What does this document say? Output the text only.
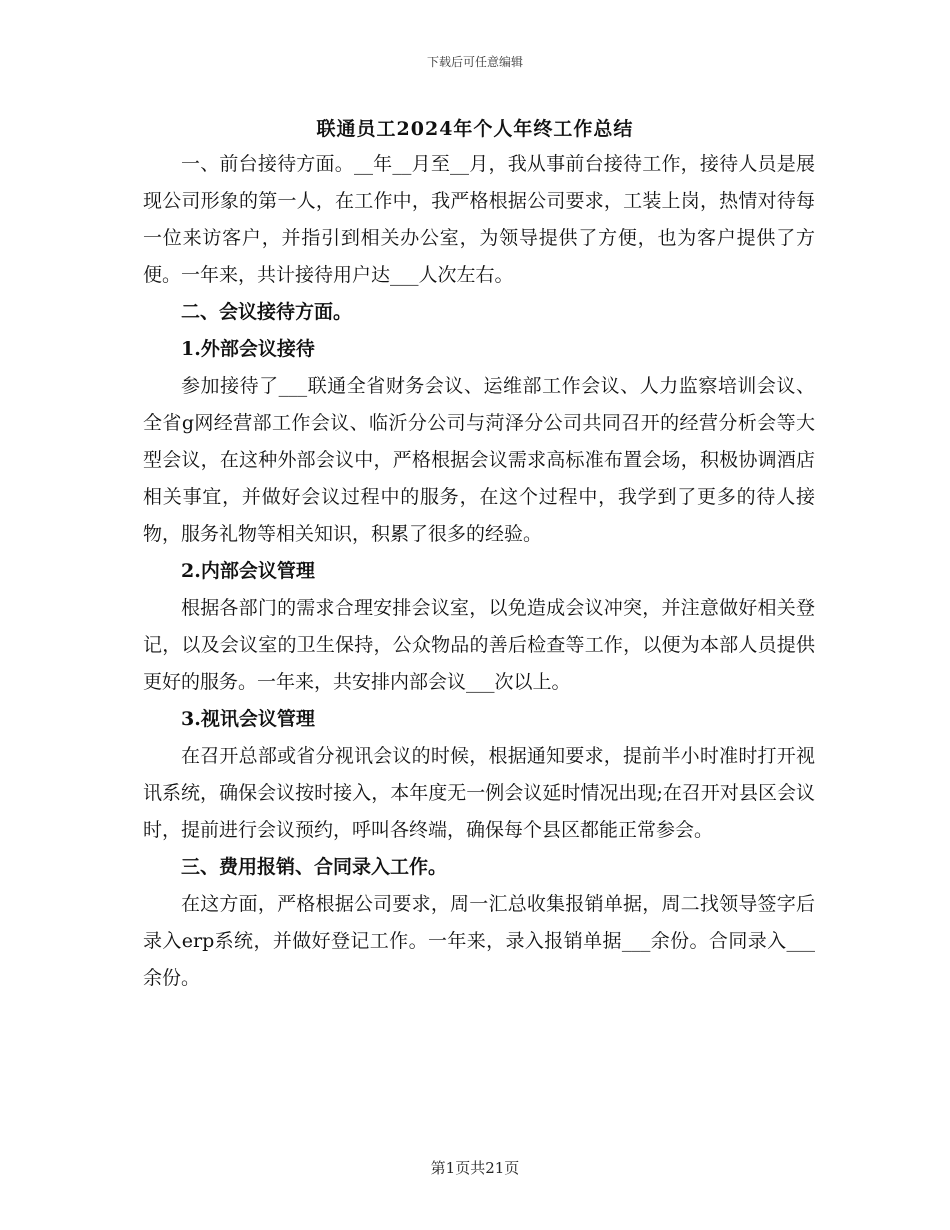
下载后可任意编辑
联通员工2024年个人年终工作总结

一、前台接待方面。__年__月至__月，我从事前台接待工作，接待人员是展现公司形象的第一人，在工作中，我严格根据公司要求，工装上岗，热情对待每一位来访客户，并指引到相关办公室，为领导提供了方便，也为客户提供了方便。一年来，共计接待用户达___人次左右。

二、会议接待方面。

1.外部会议接待

参加接待了___联通全省财务会议、运维部工作会议、人力监察培训会议、全省g网经营部工作会议、临沂分公司与菏泽分公司共同召开的经营分析会等大型会议，在这种外部会议中，严格根据会议需求高标准布置会场，积极协调酒店相关事宜，并做好会议过程中的服务，在这个过程中，我学到了更多的待人接物，服务礼物等相关知识，积累了很多的经验。

2.内部会议管理

根据各部门的需求合理安排会议室，以免造成会议冲突，并注意做好相关登记，以及会议室的卫生保持，公众物品的善后检查等工作，以便为本部人员提供更好的服务。一年来，共安排内部会议___次以上。

3.视讯会议管理

在召开总部或省分视讯会议的时候，根据通知要求，提前半小时准时打开视讯系统，确保会议按时接入，本年度无一例会议延时情况出现;在召开对县区会议时，提前进行会议预约，呼叫各终端，确保每个县区都能正常参会。

三、费用报销、合同录入工作。

在这方面，严格根据公司要求，周一汇总收集报销单据，周二找领导签字后录入erp系统，并做好登记工作。一年来，录入报销单据___余份。合同录入___余份。

第1页共21页
